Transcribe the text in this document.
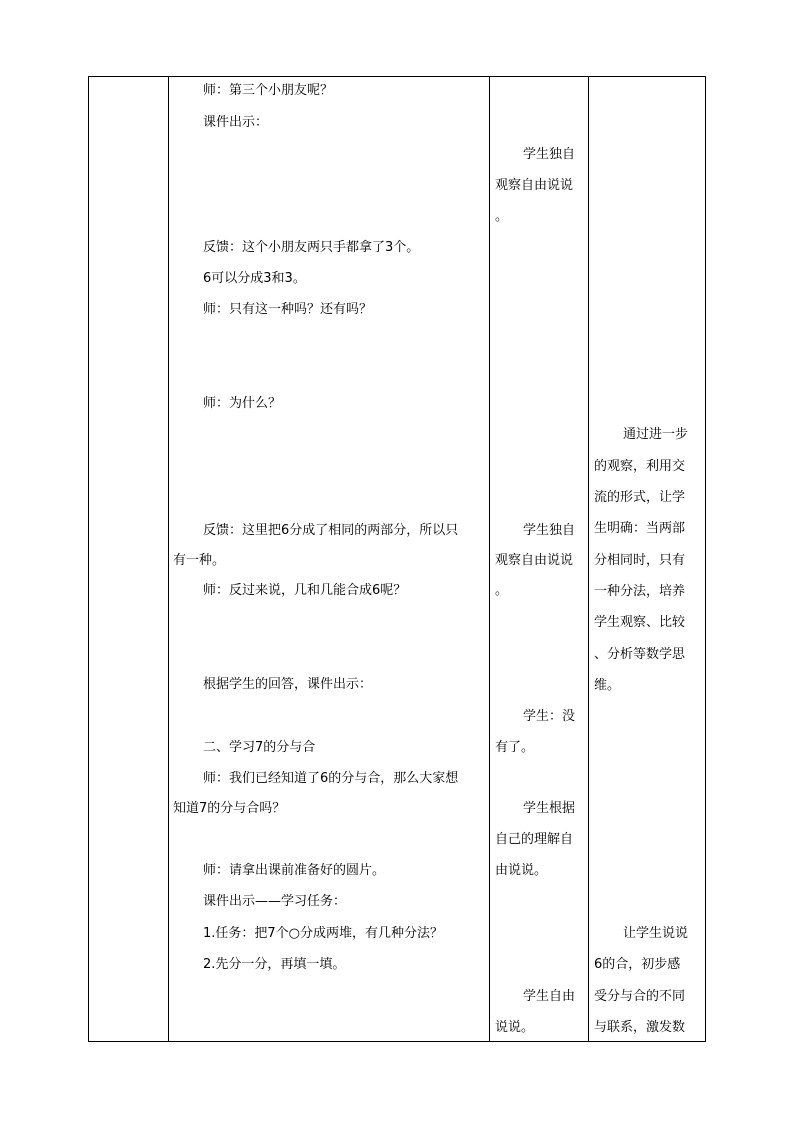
师：第三个小朋友呢？
课件出示：
反馈：这个小朋友两只手都拿了3个。
6可以分成3和3。
师：只有这一种吗？还有吗？
师：为什么？
反馈：这里把6分成了相同的两部分，所以只
有一种。
师：反过来说，几和几能合成6呢？
根据学生的回答，课件出示：
二、学习7的分与合
师：我们已经知道了6的分与合，那么大家想
知道7的分与合吗？
师：请拿出课前准备好的圆片。
课件出示——学习任务：
1.任务：把7个○分成两堆，有几种分法？
2.先分一分，再填一填。
学生独自
观察自由说说
。
学生独自
观察自由说说
。
学生：没
有了。
学生根据
自己的理解自
由说说。
学生自由
说说。
通过进一步
的观察，利用交
流的形式，让学
生明确：当两部
分相同时，只有
一种分法，培养
学生观察、比较
、分析等数学思
维。
让学生说说
6的合，初步感
受分与合的不同
与联系，激发数
